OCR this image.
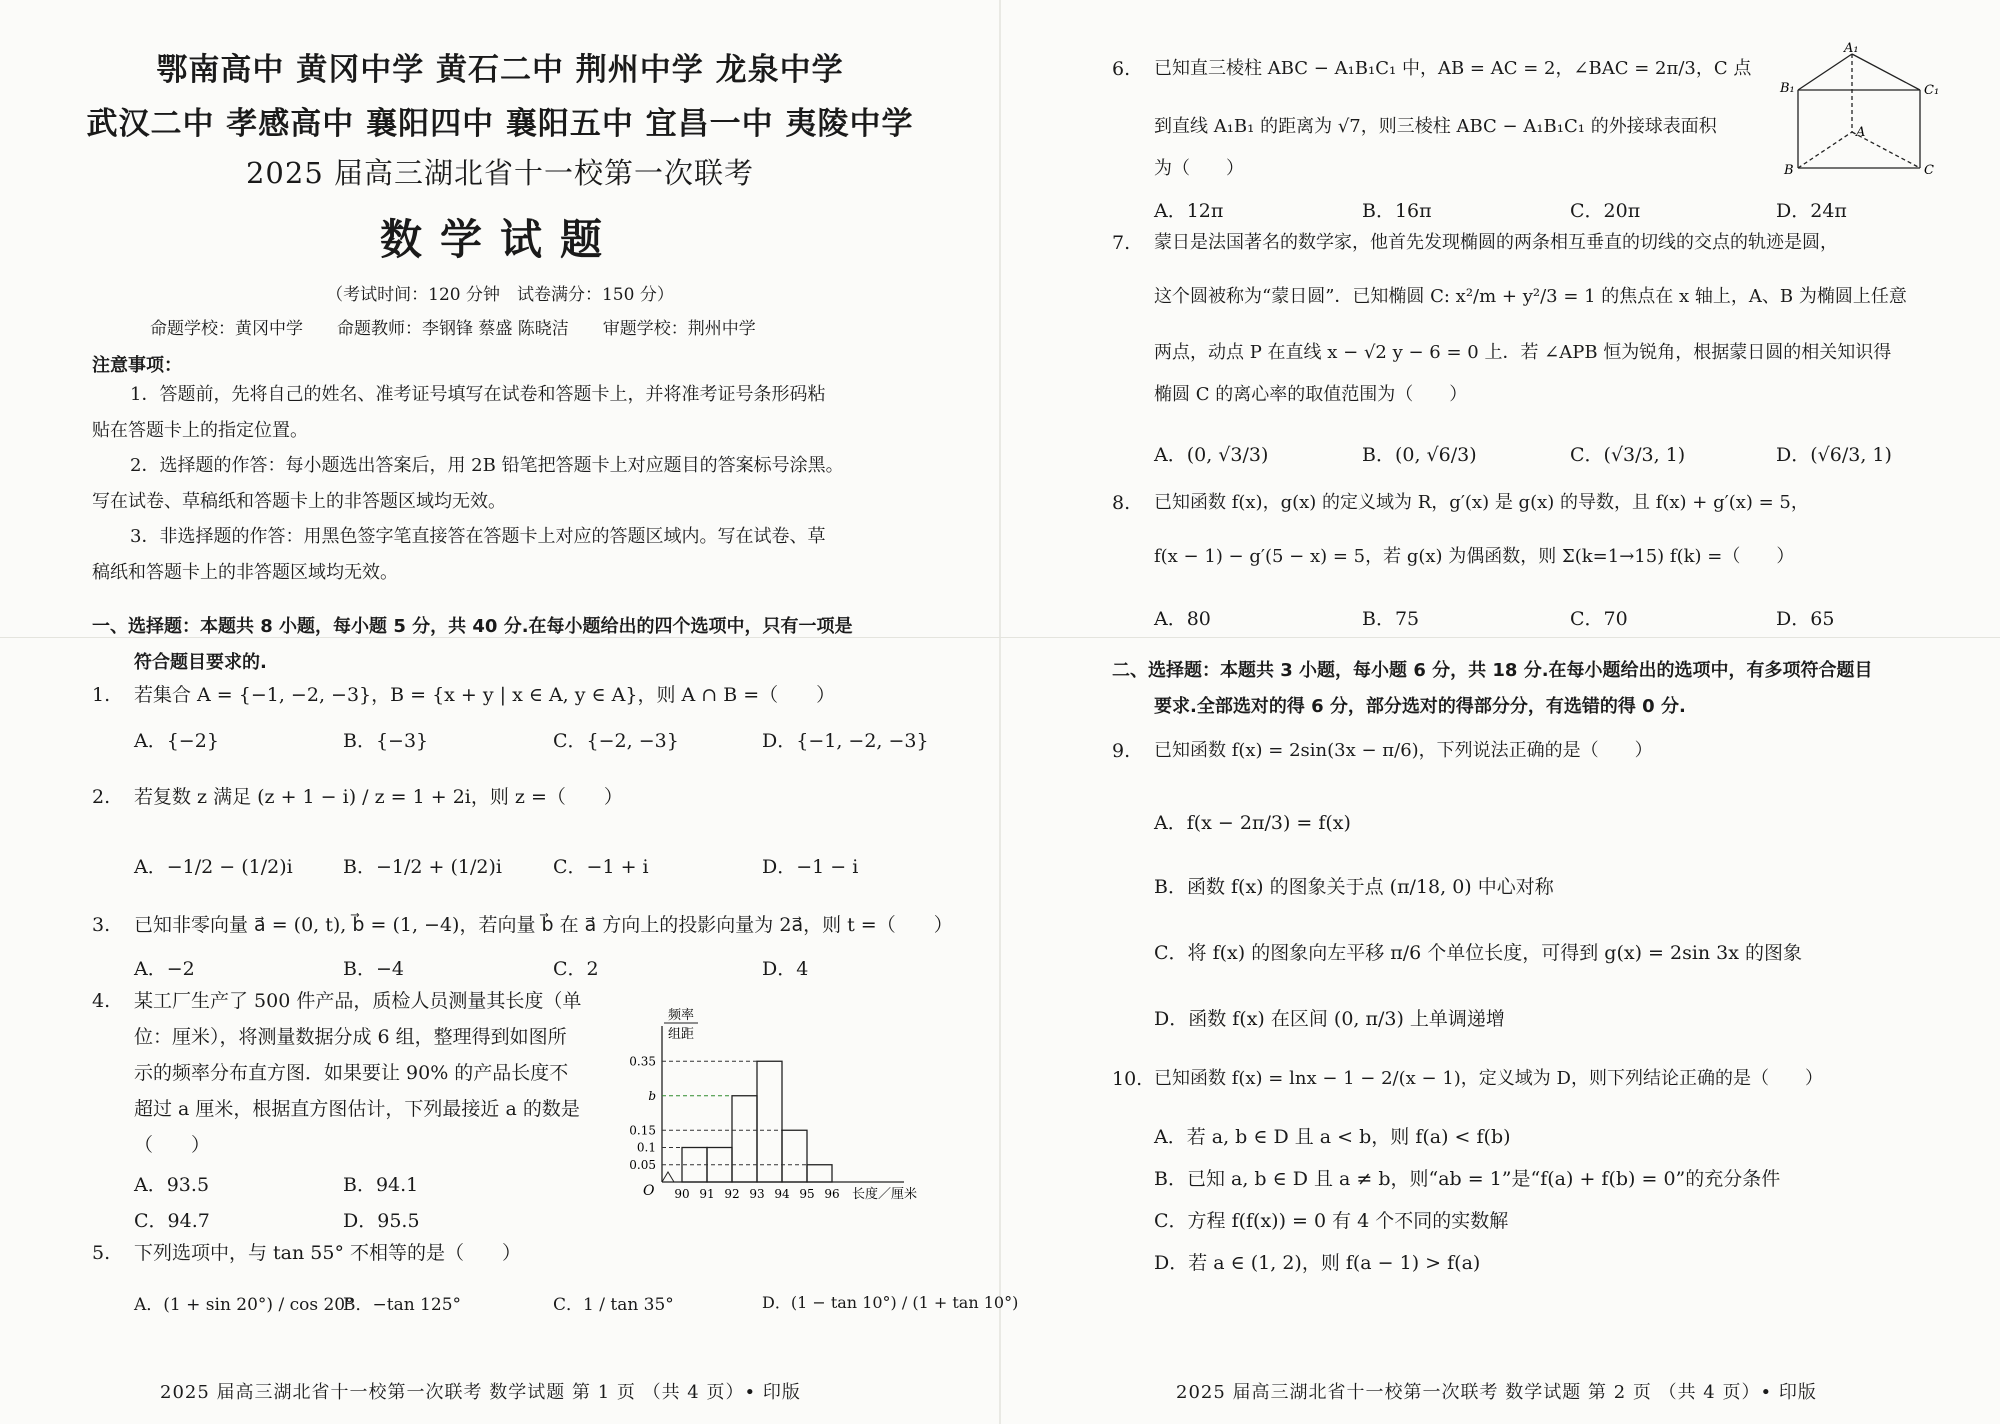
鄂南高中 黄冈中学 黄石二中 荆州中学 龙泉中学
武汉二中 孝感高中 襄阳四中 襄阳五中 宜昌一中 夷陵中学
2025 届高三湖北省十一校第一次联考
数学试题
（考试时间：120 分钟　试卷满分：150 分）
命题学校：黄冈中学　　命题教师：李钢锋 蔡盛 陈晓洁　　审题学校：荆州中学
注意事项：
1．答题前，先将自己的姓名、准考证号填写在试卷和答题卡上，并将准考证号条形码粘
贴在答题卡上的指定位置。
2．选择题的作答：每小题选出答案后，用 2B 铅笔把答题卡上对应题目的答案标号涂黑。
写在试卷、草稿纸和答题卡上的非答题区域均无效。
3．非选择题的作答：用黑色签字笔直接答在答题卡上对应的答题区域内。写在试卷、草
稿纸和答题卡上的非答题区域均无效。
一、选择题：本题共 8 小题，每小题 5 分，共 40 分.在每小题给出的四个选项中，只有一项是
符合题目要求的.
1. 若集合 A = {−1, −2, −3}，B = {x + y | x ∈ A, y ∈ A}，则 A ∩ B =（　　）
A．{−2}	B．{−3}	C．{−2, −3}	D．{−1, −2, −3}
2. 若复数 z 满足 (z + 1 − i) / z = 1 + 2i，则 z =（　　）
A．−1/2 − (1/2)i	B．−1/2 + (1/2)i	C．−1 + i	D．−1 − i
3. 已知非零向量 a⃗ = (0, t), b⃗ = (1, −4)，若向量 b⃗ 在 a⃗ 方向上的投影向量为 2a⃗，则 t =（　　）
A．−2	B．−4	C．2	D．4
4. 某工厂生产了 500 件产品，质检人员测量其长度（单
位：厘米），将测量数据分成 6 组，整理得到如图所
示的频率分布直方图．如果要让 90% 的产品长度不
超过 a 厘米，根据直方图估计，下列最接近 a 的数是
（　　）
A．93.5	B．94.1
C．94.7	D．95.5
频率
组距
O	长度／厘米
90 91 92 93 94 95 96
0.35
b
0.15
0.1
0.05
5. 下列选项中，与 tan 55° 不相等的是（　　）
A．(1 + sin 20°) / cos 20°
B．−tan 125°	C．1 / tan 35°	D．(1 − tan 10°) / (1 + tan 10°)
2025 届高三湖北省十一校第一次联考 数学试题 第 1 页 （共 4 页）• 印版
6. 已知直三棱柱 ABC − A₁B₁C₁ 中，AB = AC = 2，∠BAC = 2π/3，C 点
到直线 A₁B₁ 的距离为 √7，则三棱柱 ABC − A₁B₁C₁ 的外接球表面积
为（　　）
A．12π	B．16π	C．20π	D．24π
A₁
B₁	C₁
A
B	C
7. 蒙日是法国著名的数学家，他首先发现椭圆的两条相互垂直的切线的交点的轨迹是圆，
这个圆被称为“蒙日圆”．已知椭圆 C: x²/m + y²/3 = 1 的焦点在 x 轴上，A、B 为椭圆上任意
两点，动点 P 在直线 x − √2 y − 6 = 0 上．若 ∠APB 恒为锐角，根据蒙日圆的相关知识得
椭圆 C 的离心率的取值范围为（　　）
A．(0, √3/3)	B．(0, √6/3)	C．(√3/3, 1)	D．(√6/3, 1)
8. 已知函数 f(x)，g(x) 的定义域为 R，g′(x) 是 g(x) 的导数，且 f(x) + g′(x) = 5，
f(x − 1) − g′(5 − x) = 5，若 g(x) 为偶函数，则 Σ(k=1→15) f(k) =（　　）
A．80	B．75	C．70	D．65
二、选择题：本题共 3 小题，每小题 6 分，共 18 分.在每小题给出的选项中，有多项符合题目
要求.全部选对的得 6 分，部分选对的得部分分，有选错的得 0 分.
9. 已知函数 f(x) = 2sin(3x − π/6)，下列说法正确的是（　　）
A．f(x − 2π/3) = f(x)
B．函数 f(x) 的图象关于点 (π/18, 0) 中心对称
C．将 f(x) 的图象向左平移 π/6 个单位长度，可得到 g(x) = 2sin 3x 的图象
D．函数 f(x) 在区间 (0, π/3) 上单调递增
10. 已知函数 f(x) = lnx − 1 − 2/(x − 1)，定义域为 D，则下列结论正确的是（　　）
A．若 a, b ∈ D 且 a < b，则 f(a) < f(b)
B．已知 a, b ∈ D 且 a ≠ b，则“ab = 1”是“f(a) + f(b) = 0”的充分条件
C．方程 f(f(x)) = 0 有 4 个不同的实数解
D．若 a ∈ (1, 2)，则 f(a − 1) > f(a)
2025 届高三湖北省十一校第一次联考 数学试题 第 2 页 （共 4 页）• 印版
